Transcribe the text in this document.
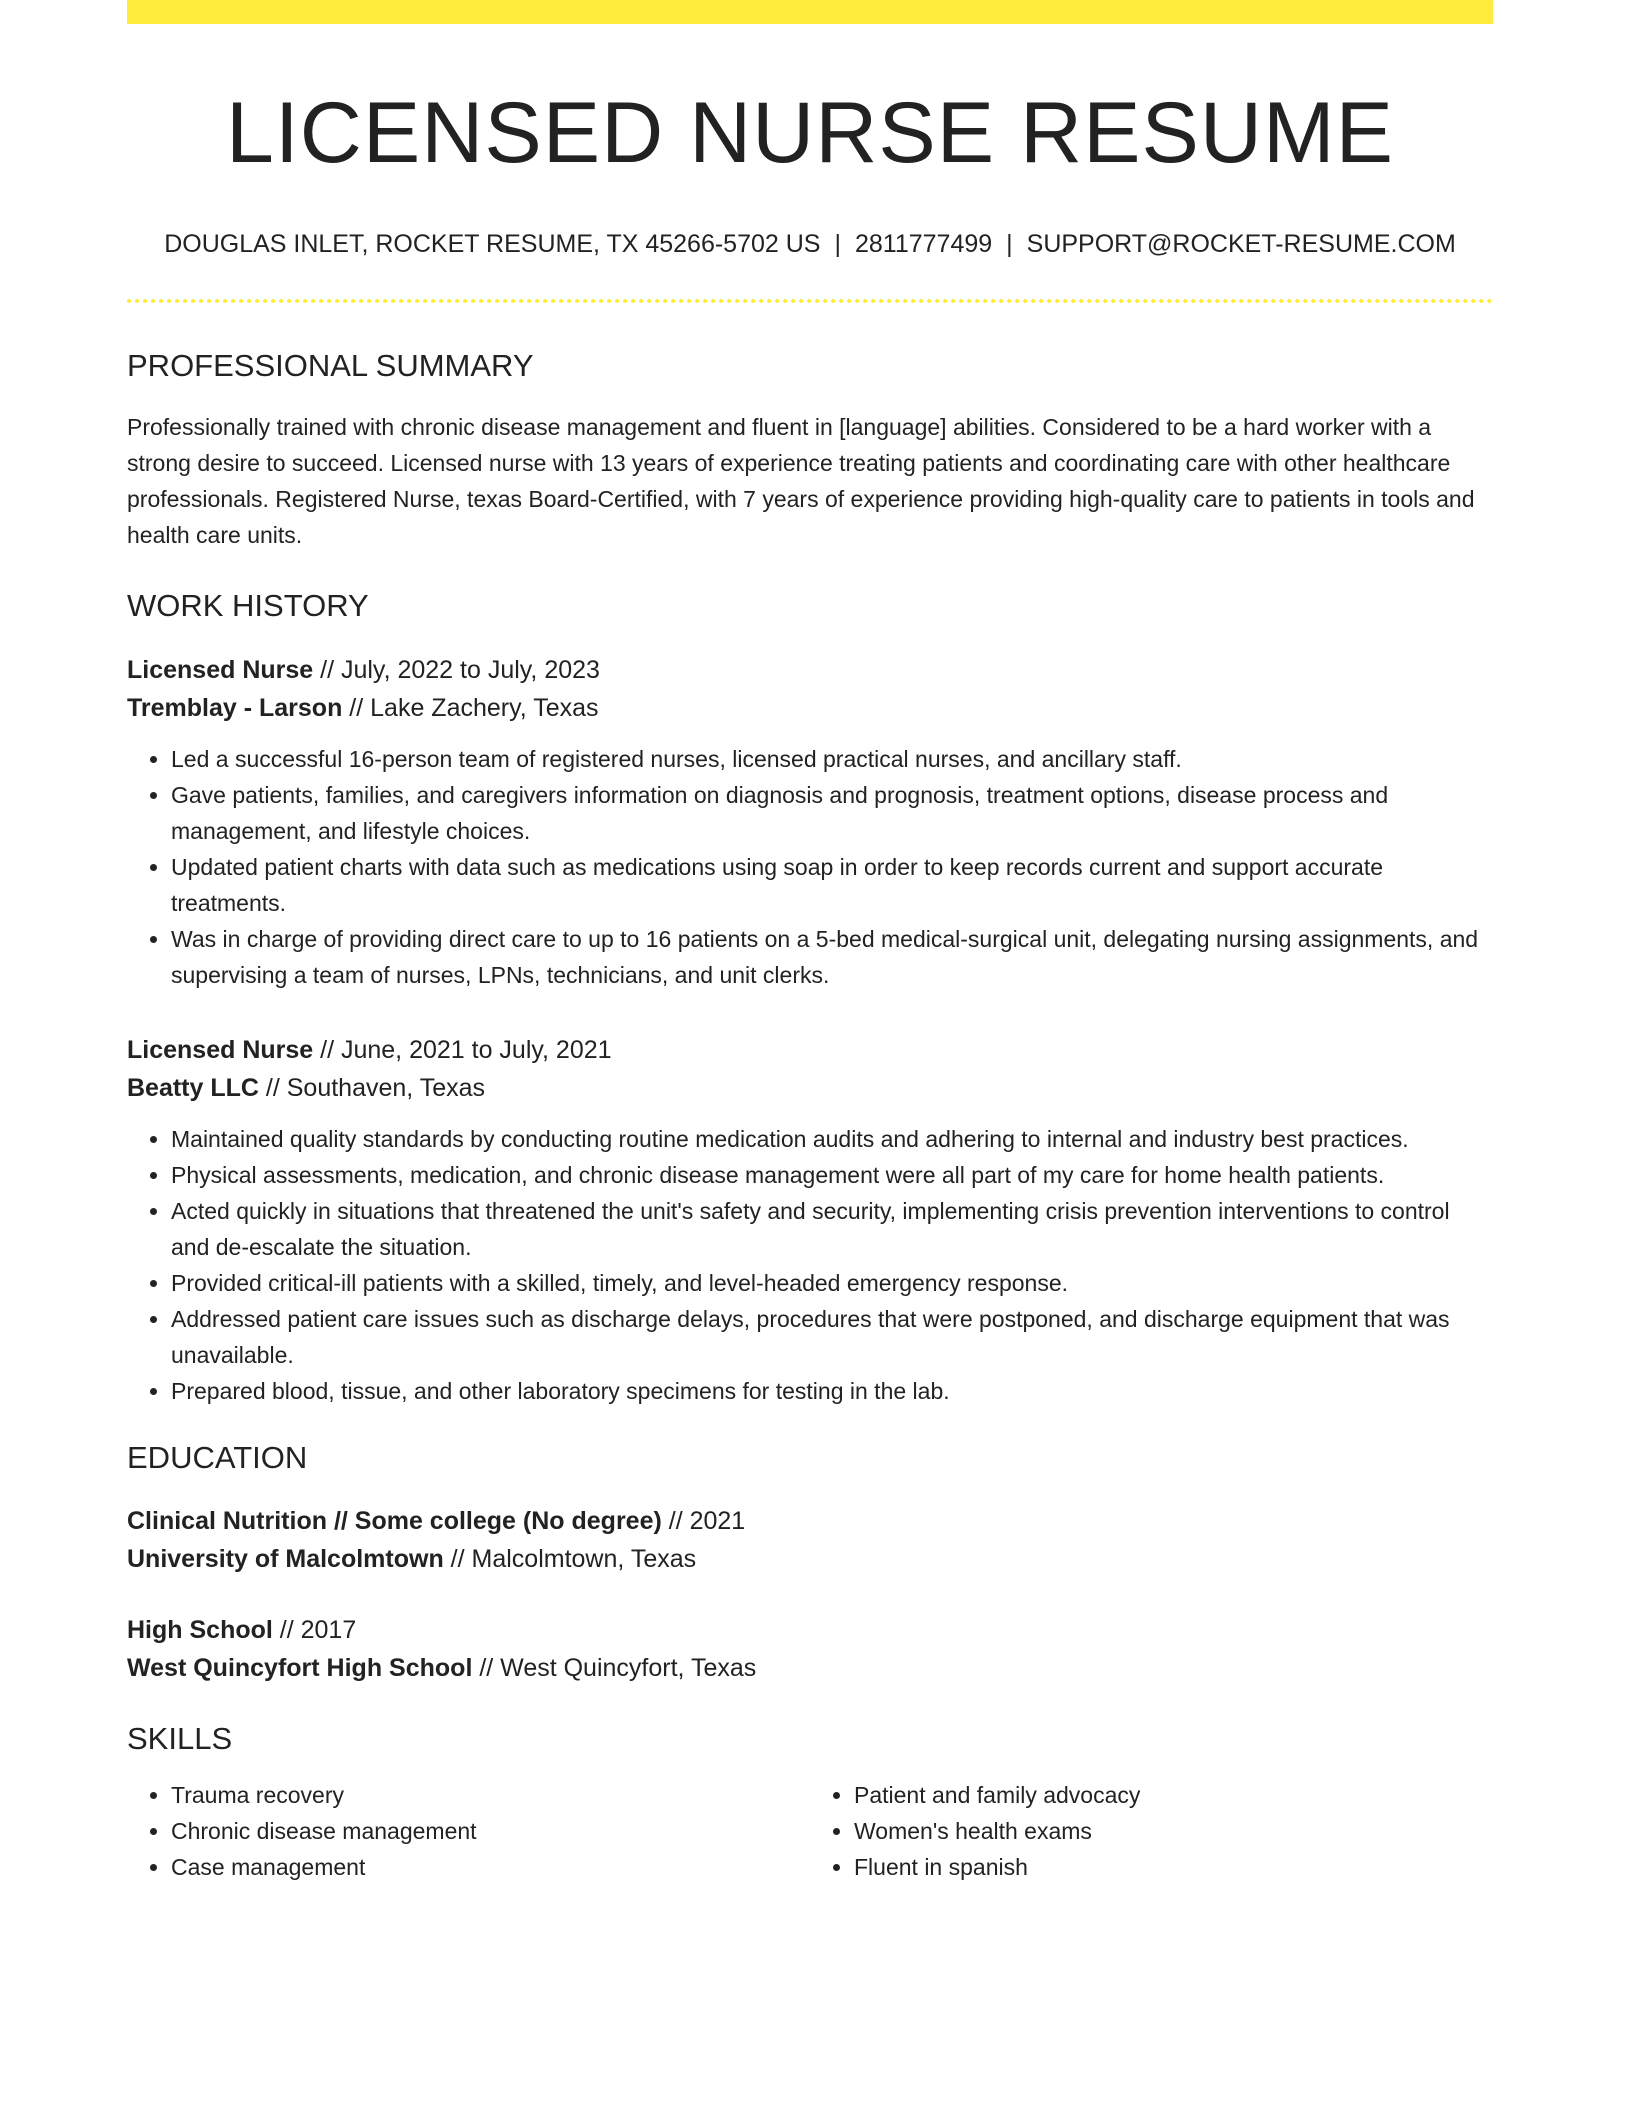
LICENSED NURSE RESUME
DOUGLAS INLET, ROCKET RESUME, TX 45266-5702 US | 2811777499 | SUPPORT@ROCKET-RESUME.COM
PROFESSIONAL SUMMARY

Professionally trained with chronic disease management and fluent in [language] abilities. Considered to be a hard worker with a strong desire to succeed. Licensed nurse with 13 years of experience treating patients and coordinating care with other healthcare professionals. Registered Nurse, texas Board-Certified, with 7 years of experience providing high-quality care to patients in tools and health care units.

WORK HISTORY
Licensed Nurse // July, 2022 to July, 2023
Tremblay - Larson // Lake Zachery, Texas
• Led a successful 16-person team of registered nurses, licensed practical nurses, and ancillary staff.
• Gave patients, families, and caregivers information on diagnosis and prognosis, treatment options, disease process and management, and lifestyle choices.
• Updated patient charts with data such as medications using soap in order to keep records current and support accurate treatments.
• Was in charge of providing direct care to up to 16 patients on a 5-bed medical-surgical unit, delegating nursing assignments, and supervising a team of nurses, LPNs, technicians, and unit clerks.
Licensed Nurse // June, 2021 to July, 2021
Beatty LLC // Southaven, Texas
• Maintained quality standards by conducting routine medication audits and adhering to internal and industry best practices.
• Physical assessments, medication, and chronic disease management were all part of my care for home health patients.
• Acted quickly in situations that threatened the unit's safety and security, implementing crisis prevention interventions to control and de-escalate the situation.
• Provided critical-ill patients with a skilled, timely, and level-headed emergency response.
• Addressed patient care issues such as discharge delays, procedures that were postponed, and discharge equipment that was unavailable.
• Prepared blood, tissue, and other laboratory specimens for testing in the lab.
EDUCATION
Clinical Nutrition // Some college (No degree) // 2021
University of Malcolmtown // Malcolmtown, Texas
High School // 2017
West Quincyfort High School // West Quincyfort, Texas
SKILLS
• Trauma recovery
• Chronic disease management
• Case management
• Patient and family advocacy
• Women's health exams
• Fluent in spanish
